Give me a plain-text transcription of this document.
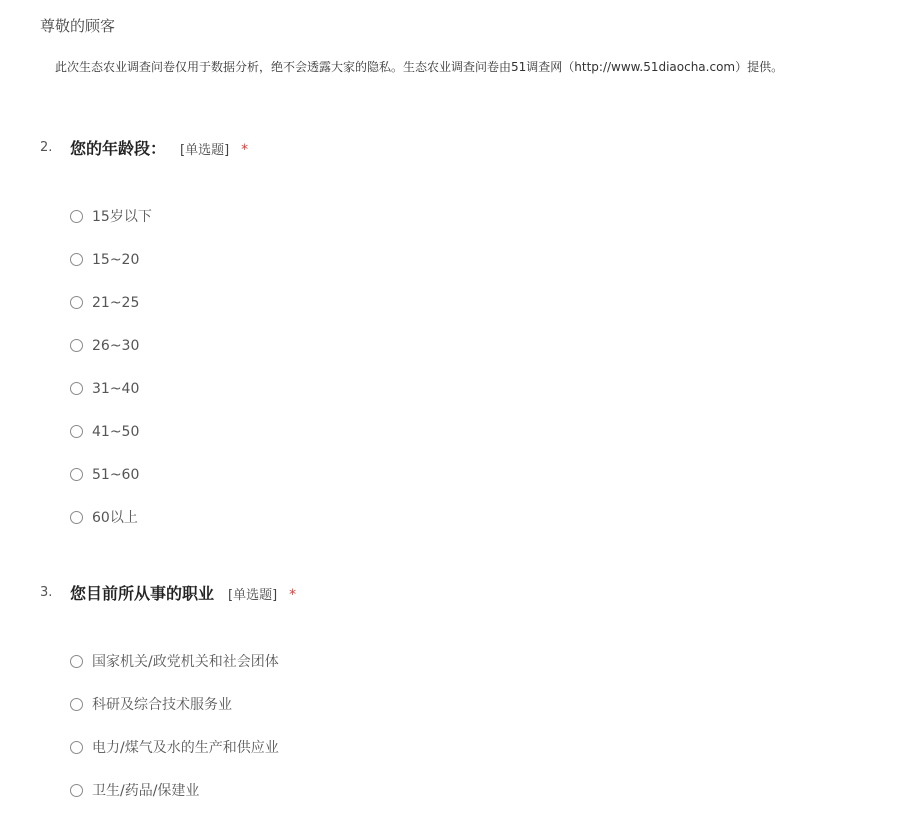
尊敬的顾客
此次生态农业调查问卷仅用于数据分析，绝不会透露大家的隐私。生态农业调查问卷由51调查网（http://www.51diaocha.com）提供。
2. 您的年龄段： [单选题] *
15岁以下
15~20
21~25
26~30
31~40
41~50
51~60
60以上
3. 您目前所从事的职业 [单选题] *
国家机关/政党机关和社会团体
科研及综合技术服务业
电力/煤气及水的生产和供应业
卫生/药品/保建业
